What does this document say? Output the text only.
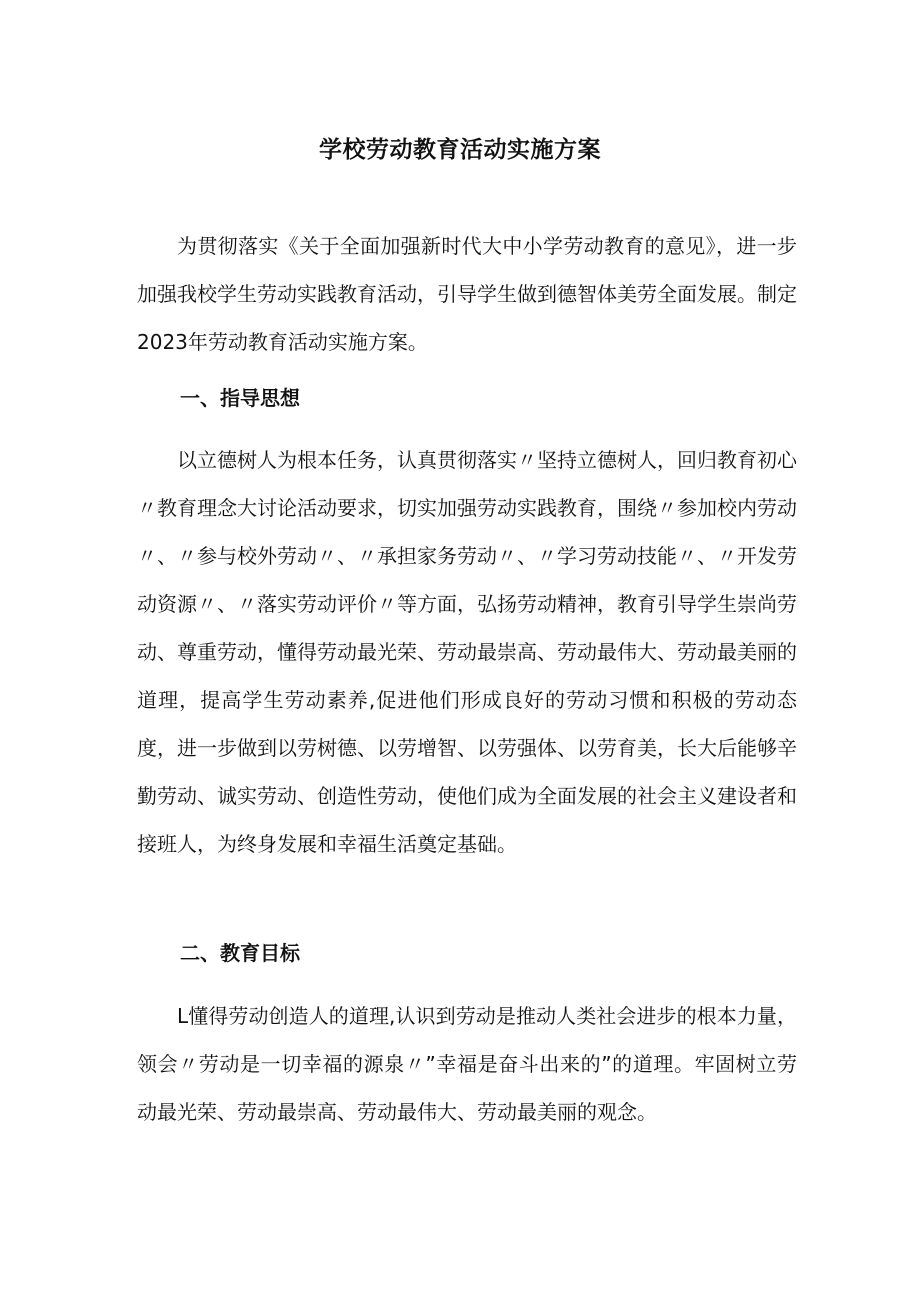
学校劳动教育活动实施方案

为贯彻落实《关于全面加强新时代大中小学劳动教育的意见》，进一步加强我校学生劳动实践教育活动，引导学生做到德智体美劳全面发展。制定2023年劳动教育活动实施方案。

一、指导思想

以立德树人为根本任务，认真贯彻落实〃坚持立德树人，回归教育初心〃教育理念大讨论活动要求，切实加强劳动实践教育，围绕〃参加校内劳动〃、〃参与校外劳动〃、〃承担家务劳动〃、〃学习劳动技能〃、〃开发劳动资源〃、〃落实劳动评价〃等方面，弘扬劳动精神，教育引导学生崇尚劳动、尊重劳动，懂得劳动最光荣、劳动最崇高、劳动最伟大、劳动最美丽的道理，提高学生劳动素养,促进他们形成良好的劳动习惯和积极的劳动态度，进一步做到以劳树德、以劳增智、以劳强体、以劳育美，长大后能够辛勤劳动、诚实劳动、创造性劳动，使他们成为全面发展的社会主义建设者和接班人，为终身发展和幸福生活奠定基础。

二、教育目标

L懂得劳动创造人的道理,认识到劳动是推动人类社会进步的根本力量，领会〃劳动是一切幸福的源泉〃”幸福是奋斗出来的”的道理。牢固树立劳动最光荣、劳动最崇高、劳动最伟大、劳动最美丽的观念。
